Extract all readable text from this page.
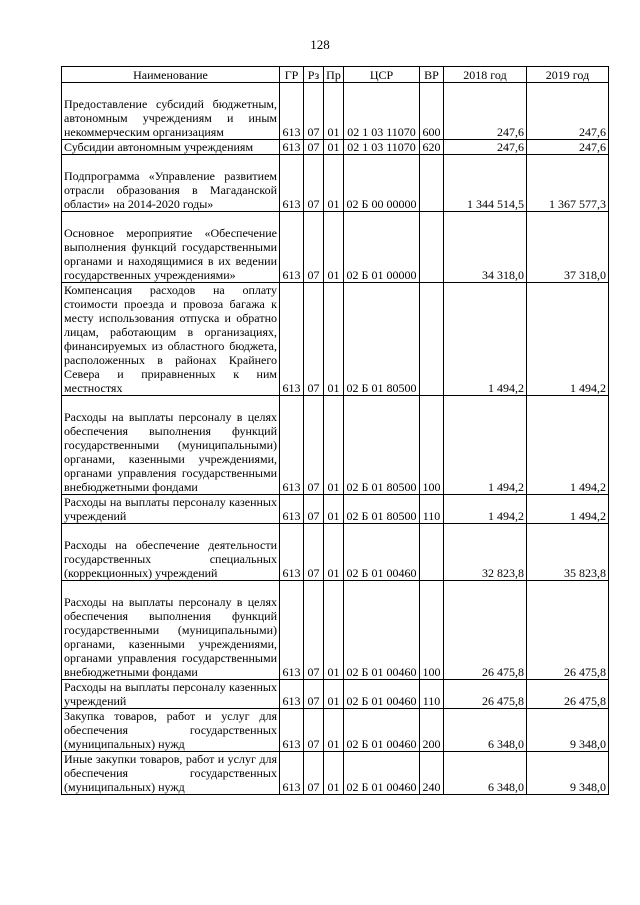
128
Наименование	ГР	Рз	Пр	ЦСР	ВР	2018 год	2019 год
Предоставление субсидий бюджетным, автономным учреждениям и иным некоммерческим организациям	613	07	01	02 1 03 11070	600	247,6	247,6
Субсидии автономным учреждениям	613	07	01	02 1 03 11070	620	247,6	247,6
Подпрограмма «Управление развитием отрасли образования в Магаданской области» на 2014-2020 годы»	613	07	01	02 Б 00 00000		1 344 514,5	1 367 577,3
Основное мероприятие «Обеспечение выполнения функций государственными органами и находящимися в их ведении государственных учреждениями»	613	07	01	02 Б 01 00000		34 318,0	37 318,0
Компенсация расходов на оплату стоимости проезда и провоза багажа к месту использования отпуска и обратно лицам, работающим в организациях, финансируемых из областного бюджета, расположенных в районах Крайнего Севера и приравненных к ним местностях	613	07	01	02 Б 01 80500		1 494,2	1 494,2
Расходы на выплаты персоналу в целях обеспечения выполнения функций государственными (муниципальными) органами, казенными учреждениями, органами управления государственными внебюджетными фондами	613	07	01	02 Б 01 80500	100	1 494,2	1 494,2
Расходы на выплаты персоналу казенных учреждений	613	07	01	02 Б 01 80500	110	1 494,2	1 494,2
Расходы на обеспечение деятельности государственных специальных (коррекционных) учреждений	613	07	01	02 Б 01 00460		32 823,8	35 823,8
Расходы на выплаты персоналу в целях обеспечения выполнения функций государственными (муниципальными) органами, казенными учреждениями, органами управления государственными внебюджетными фондами	613	07	01	02 Б 01 00460	100	26 475,8	26 475,8
Расходы на выплаты персоналу казенных учреждений	613	07	01	02 Б 01 00460	110	26 475,8	26 475,8
Закупка товаров, работ и услуг для обеспечения государственных (муниципальных) нужд	613	07	01	02 Б 01 00460	200	6 348,0	9 348,0
Иные закупки товаров, работ и услуг для обеспечения государственных (муниципальных) нужд	613	07	01	02 Б 01 00460	240	6 348,0	9 348,0
